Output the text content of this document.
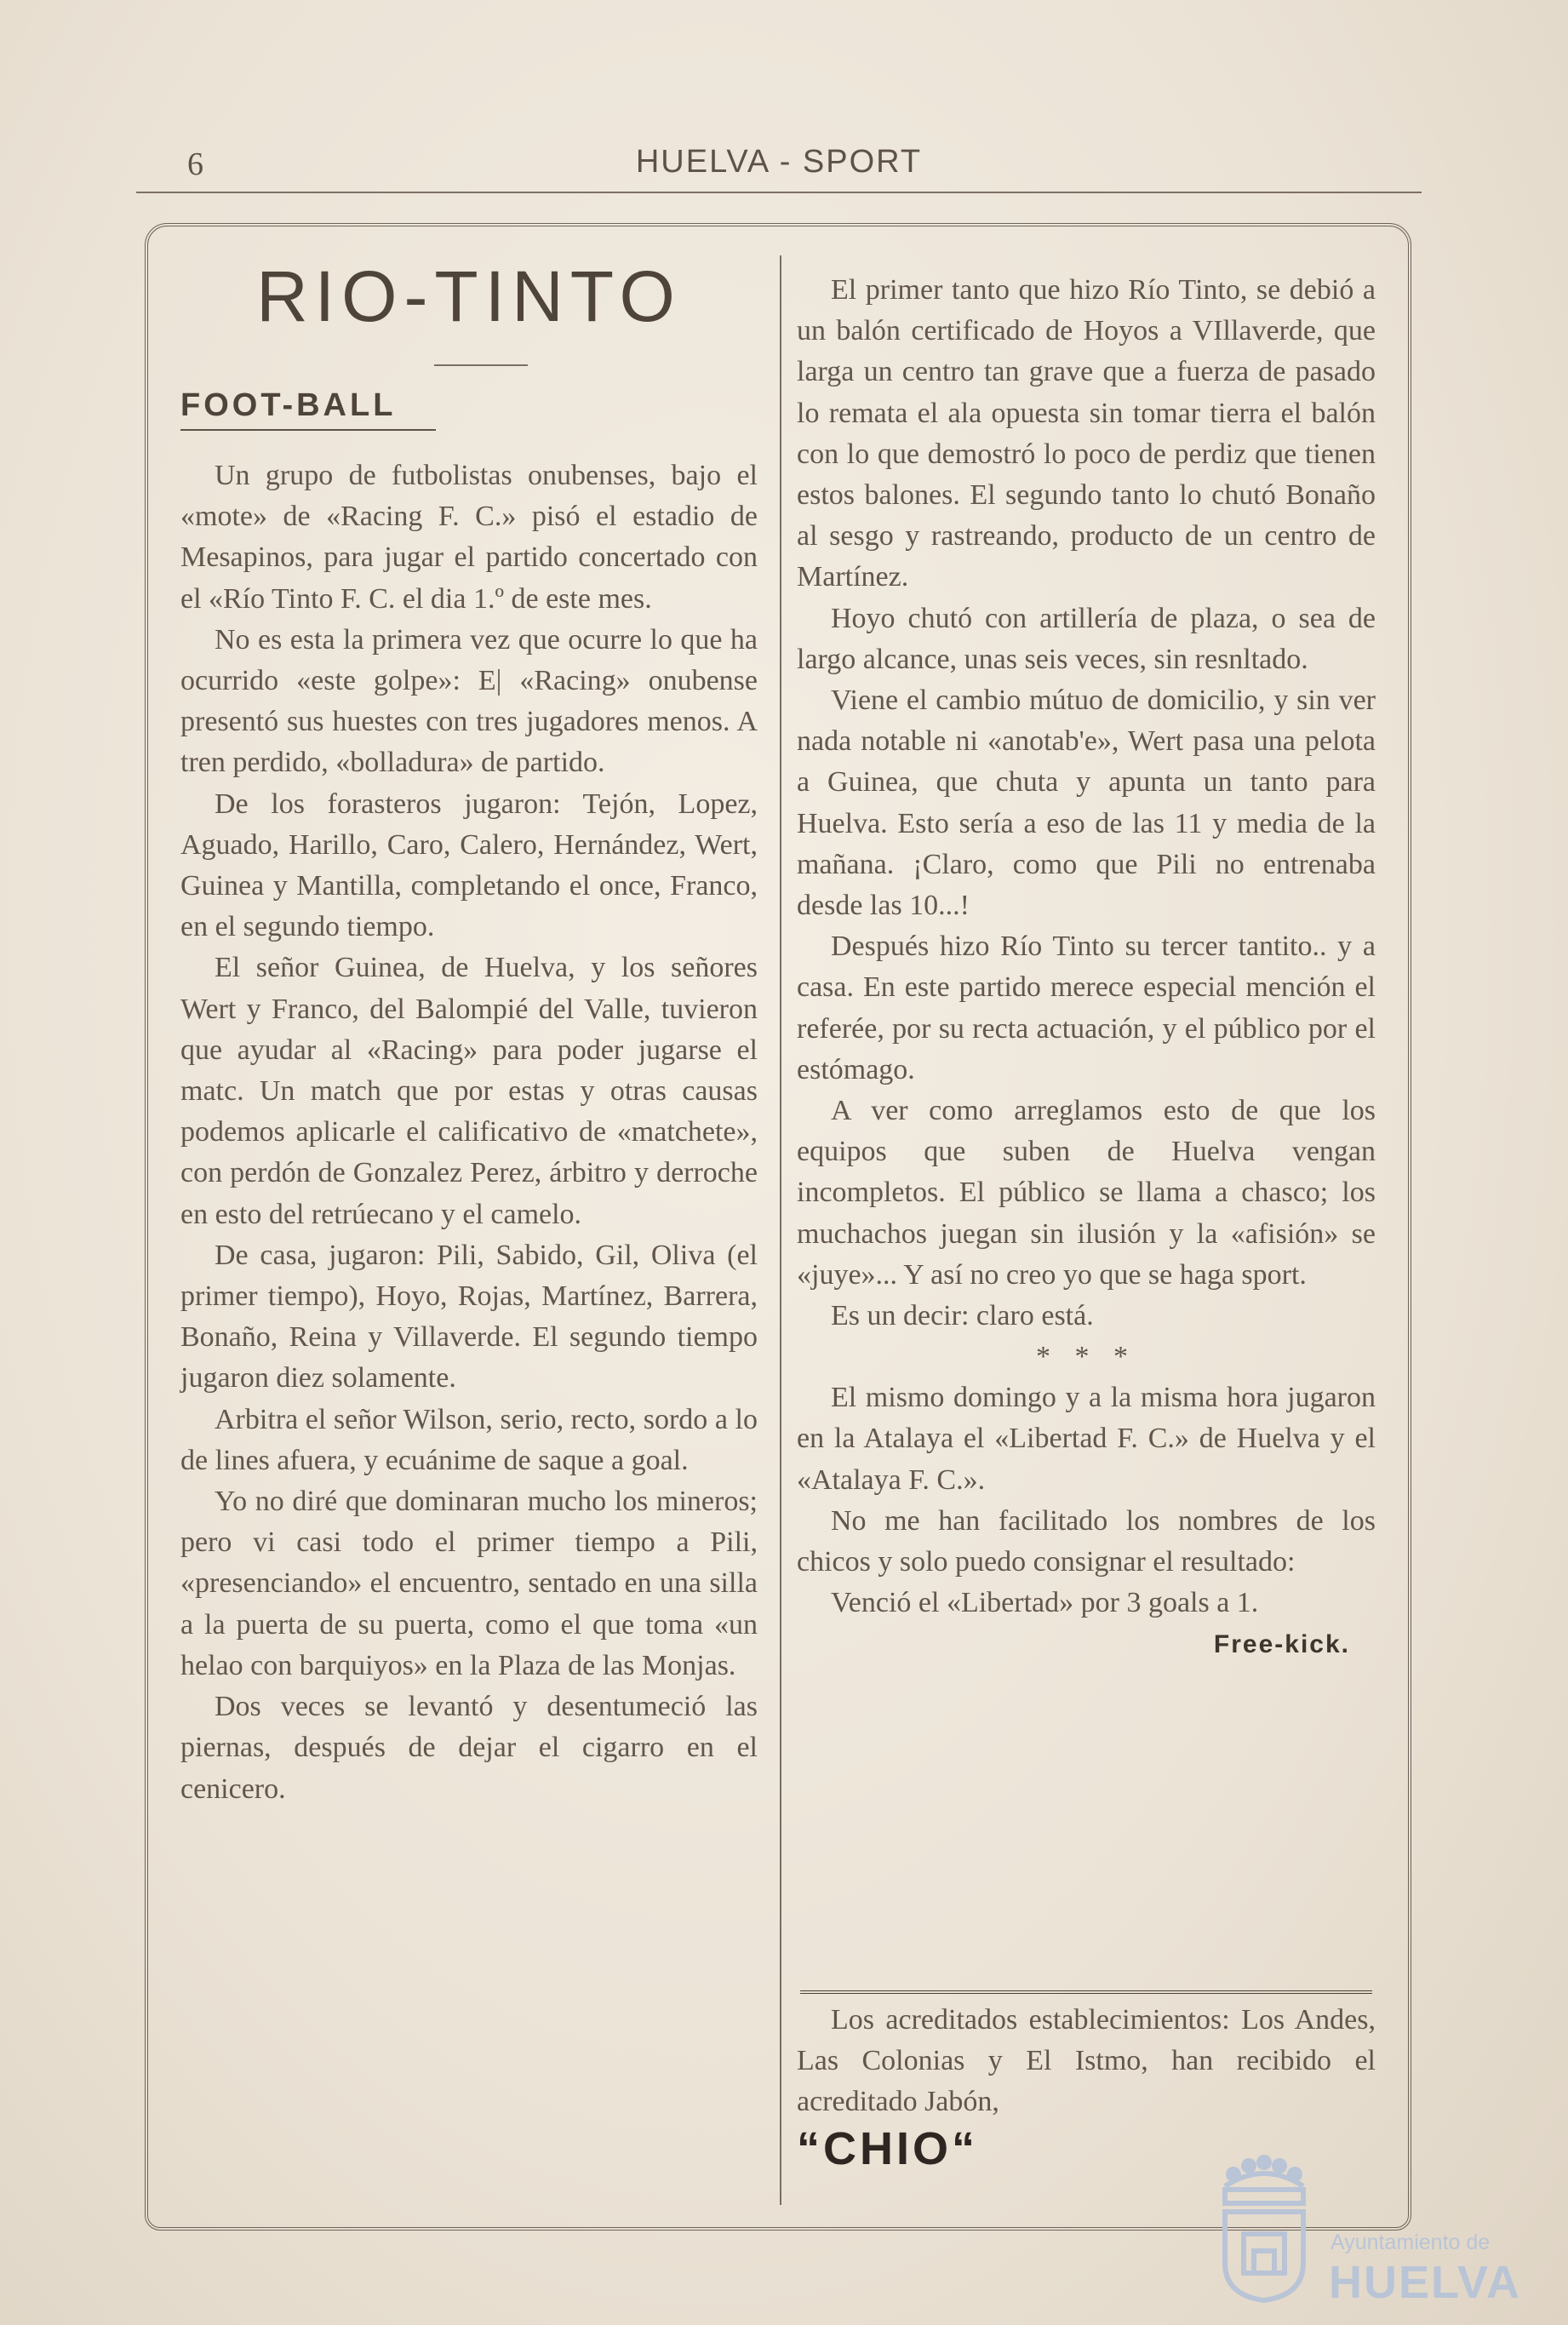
6	HUELVA - SPORT
RIO-TINTO
FOOT-BALL

Un grupo de futbolistas onubenses, bajo el «mote» de «Racing F. C.» pisó el estadio de Mesapinos, para jugar el partido concertado con el «Río Tinto F. C. el dia 1.º de este mes.

No es esta la primera vez que ocurre lo que ha ocurrido «este golpe»: E| «Racing» onubense presentó sus huestes con tres jugadores menos. A tren perdido, «bolladura» de partido.

De los forasteros jugaron: Tejón, Lopez, Aguado, Harillo, Caro, Calero, Hernández, Wert, Guinea y Mantilla, completando el once, Franco, en el segundo tiempo.

El señor Guinea, de Huelva, y los señores Wert y Franco, del Balompié del Valle, tuvieron que ayudar al «Racing» para poder jugarse el matc. Un match que por estas y otras causas podemos aplicarle el calificativo de «matchete», con perdón de Gonzalez Perez, árbitro y derroche en esto del retrúecano y el camelo.

De casa, jugaron: Pili, Sabido, Gil, Oliva (el primer tiempo), Hoyo, Rojas, Martínez, Barrera, Bonaño, Reina y Villaverde. El segundo tiempo jugaron diez solamente.

Arbitra el señor Wilson, serio, recto, sordo a lo de lines afuera, y ecuánime de saque a goal.

Yo no diré que dominaran mucho los mineros; pero vi casi todo el primer tiempo a Pili, «presenciando» el encuentro, sentado en una silla a la puerta de su puerta, como el que toma «un helao con barquiyos» en la Plaza de las Monjas.

Dos veces se levantó y desentumeció las piernas, después de dejar el cigarro en el cenicero.

El primer tanto que hizo Río Tinto, se debió a un balón certificado de Hoyos a VIllaverde, que larga un centro tan grave que a fuerza de pasado lo remata el ala opuesta sin tomar tierra el balón con lo que demostró lo poco de perdiz que tienen estos balones. El segundo tanto lo chutó Bonaño al sesgo y rastreando, producto de un centro de Martínez.

Hoyo chutó con artillería de plaza, o sea de largo alcance, unas seis veces, sin resnltado.

Viene el cambio mútuo de domicilio, y sin ver nada notable ni «anotab'e», Wert pasa una pelota a Guinea, que chuta y apunta un tanto para Huelva. Esto sería a eso de las 11 y media de la mañana. ¡Claro, como que Pili no entrenaba desde las 10...!

Después hizo Río Tinto su tercer tantito.. y a casa. En este partido merece especial mención el referée, por su recta actuación, y el público por el estómago.

A ver como arreglamos esto de que los equipos que suben de Huelva vengan incompletos. El público se llama a chasco; los muchachos juegan sin ilusión y la «afisión» se «juye»... Y así no creo yo que se haga sport.

Es un decir: claro está.

* * *

El mismo domingo y a la misma hora jugaron en la Atalaya el «Libertad F. C.» de Huelva y el «Atalaya F. C.».

No me han facilitado los nombres de los chicos y solo puedo consignar el resultado:

Venció el «Libertad» por 3 goals a 1.

Free-kick.

Los acreditados establecimientos: Los Andes, Las Colonias y El Istmo, han recibido el acreditado Jabón,

“CHIO“

Ayuntamiento de
HUELVA
